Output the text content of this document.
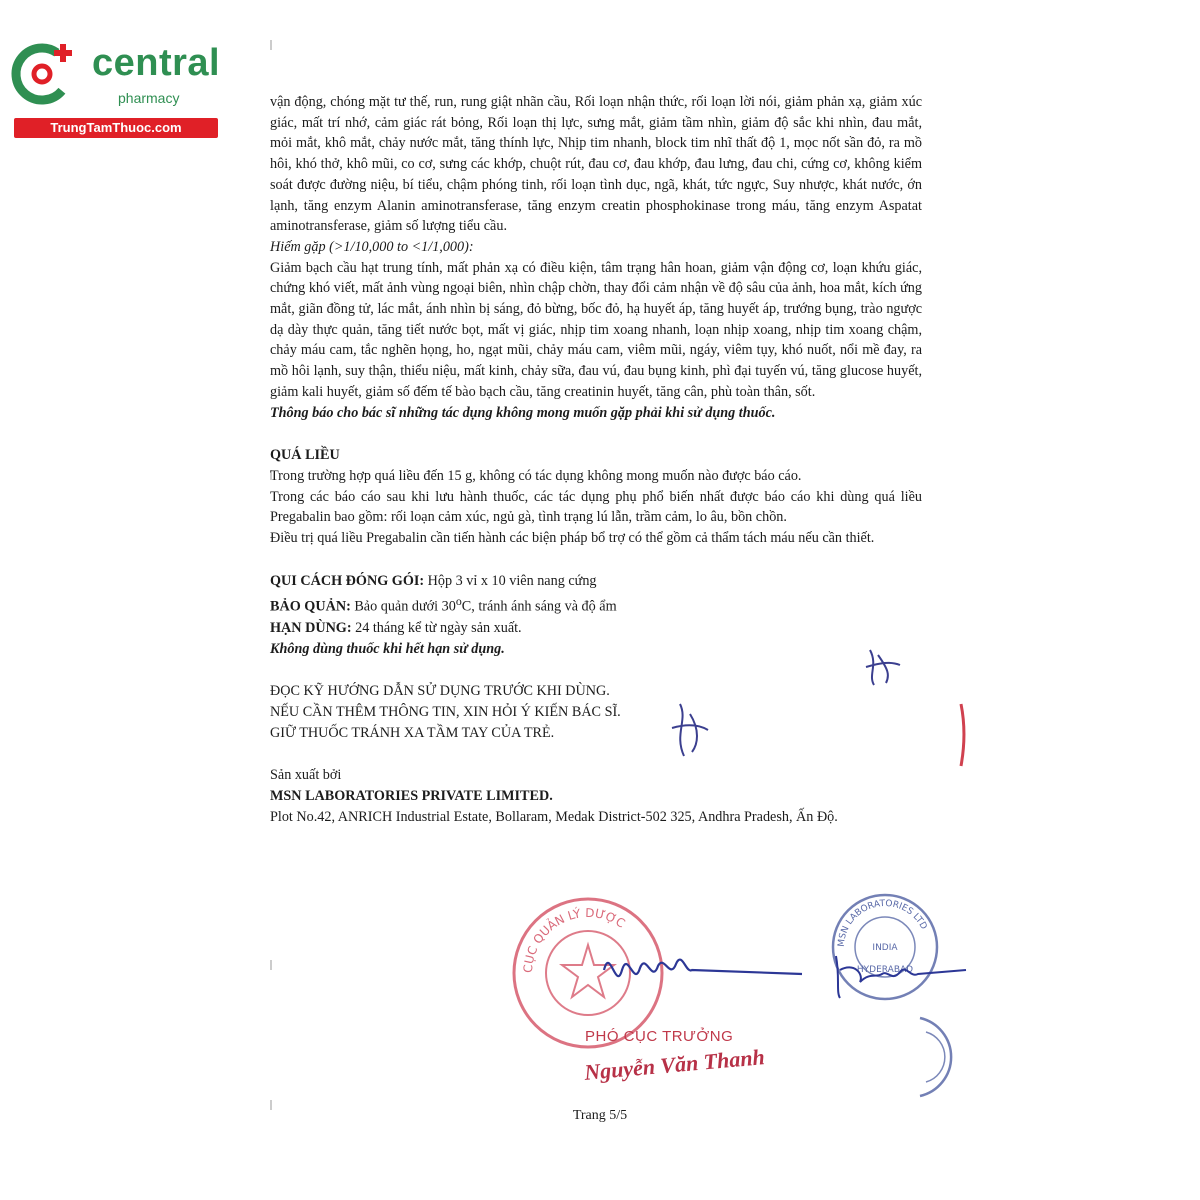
central
pharmacy
TrungTamThuoc.com

vận động, chóng mặt tư thế, run, rung giật nhãn cầu, Rối loạn nhận thức, rối loạn lời nói, giảm phản xạ, giảm xúc giác, mất trí nhớ, cảm giác rát bỏng, Rối loạn thị lực, sưng mắt, giảm tầm nhìn, giảm độ sắc khi nhìn, đau mắt, mỏi mắt, khô mắt, chảy nước mắt, tăng thính lực, Nhịp tim nhanh, block tim nhĩ thất độ 1, mọc nốt sần đỏ, ra mồ hôi, khó thở, khô mũi, co cơ, sưng các khớp, chuột rút, đau cơ, đau khớp, đau lưng, đau chi, cứng cơ, không kiểm soát được đường niệu, bí tiểu, chậm phóng tinh, rối loạn tình dục, ngã, khát, tức ngực, Suy nhược, khát nước, ớn lạnh, tăng enzym Alanin aminotransferase, tăng enzym creatin phosphokinase trong máu, tăng enzym Aspatat aminotransferase, giảm số lượng tiểu cầu.

Hiếm gặp (>1/10,000 to <1/1,000):

Giảm bạch cầu hạt trung tính, mất phản xạ có điều kiện, tâm trạng hân hoan, giảm vận động cơ, loạn khứu giác, chứng khó viết, mất ảnh vùng ngoại biên, nhìn chập chờn, thay đổi cảm nhận về độ sâu của ảnh, hoa mắt, kích ứng mắt, giãn đồng tử, lác mắt, ánh nhìn bị sáng, đỏ bừng, bốc đỏ, hạ huyết áp, tăng huyết áp, trướng bụng, trào ngược dạ dày thực quản, tăng tiết nước bọt, mất vị giác, nhịp tim xoang nhanh, loạn nhịp xoang, nhịp tim xoang chậm, chảy máu cam, tắc nghẽn họng, ho, ngạt mũi, chảy máu cam, viêm mũi, ngáy, viêm tụy, khó nuốt, nổi mề đay, ra mồ hôi lạnh, suy thận, thiểu niệu, mất kinh, chảy sữa, đau vú, đau bụng kinh, phì đại tuyến vú, tăng glucose huyết, giảm kali huyết, giảm số đếm tế bào bạch cầu, tăng creatinin huyết, tăng cân, phù toàn thân, sốt.

Thông báo cho bác sĩ những tác dụng không mong muốn gặp phải khi sử dụng thuốc.

QUÁ LIỀU

Trong trường hợp quá liều đến 15 g, không có tác dụng không mong muốn nào được báo cáo.

Trong các báo cáo sau khi lưu hành thuốc, các tác dụng phụ phổ biến nhất được báo cáo khi dùng quá liều Pregabalin bao gồm: rối loạn cảm xúc, ngủ gà, tình trạng lú lẫn, trầm cảm, lo âu, bồn chồn.

Điều trị quá liều Pregabalin cần tiến hành các biện pháp bổ trợ có thể gồm cả thẩm tách máu nếu cần thiết.

QUI CÁCH ĐÓNG GÓI: Hộp 3 vỉ x 10 viên nang cứng

BẢO QUẢN: Bảo quản dưới 30$^o$C, tránh ánh sáng và độ ẩm

HẠN DÙNG: 24 tháng kể từ ngày sản xuất.

Không dùng thuốc khi hết hạn sử dụng.

ĐỌC KỸ HƯỚNG DẪN SỬ DỤNG TRƯỚC KHI DÙNG.

NẾU CẦN THÊM THÔNG TIN, XIN HỎI Ý KIẾN BÁC SĨ.

GIỮ THUỐC TRÁNH XA TẦM TAY CỦA TRẺ.

Sản xuất bởi

MSN LABORATORIES PRIVATE LIMITED.

Plot No.42, ANRICH Industrial Estate, Bollaram, Medak District-502 325, Andhra Pradesh, Ấn Độ.

CỤC QUẢN LÝ DƯỢC
MSN LABORATORIES LTD
INDIA
HYDERABAD
PHÓ CỤC TRƯỞNG
Nguyễn Văn Thanh
Trang 5/5
